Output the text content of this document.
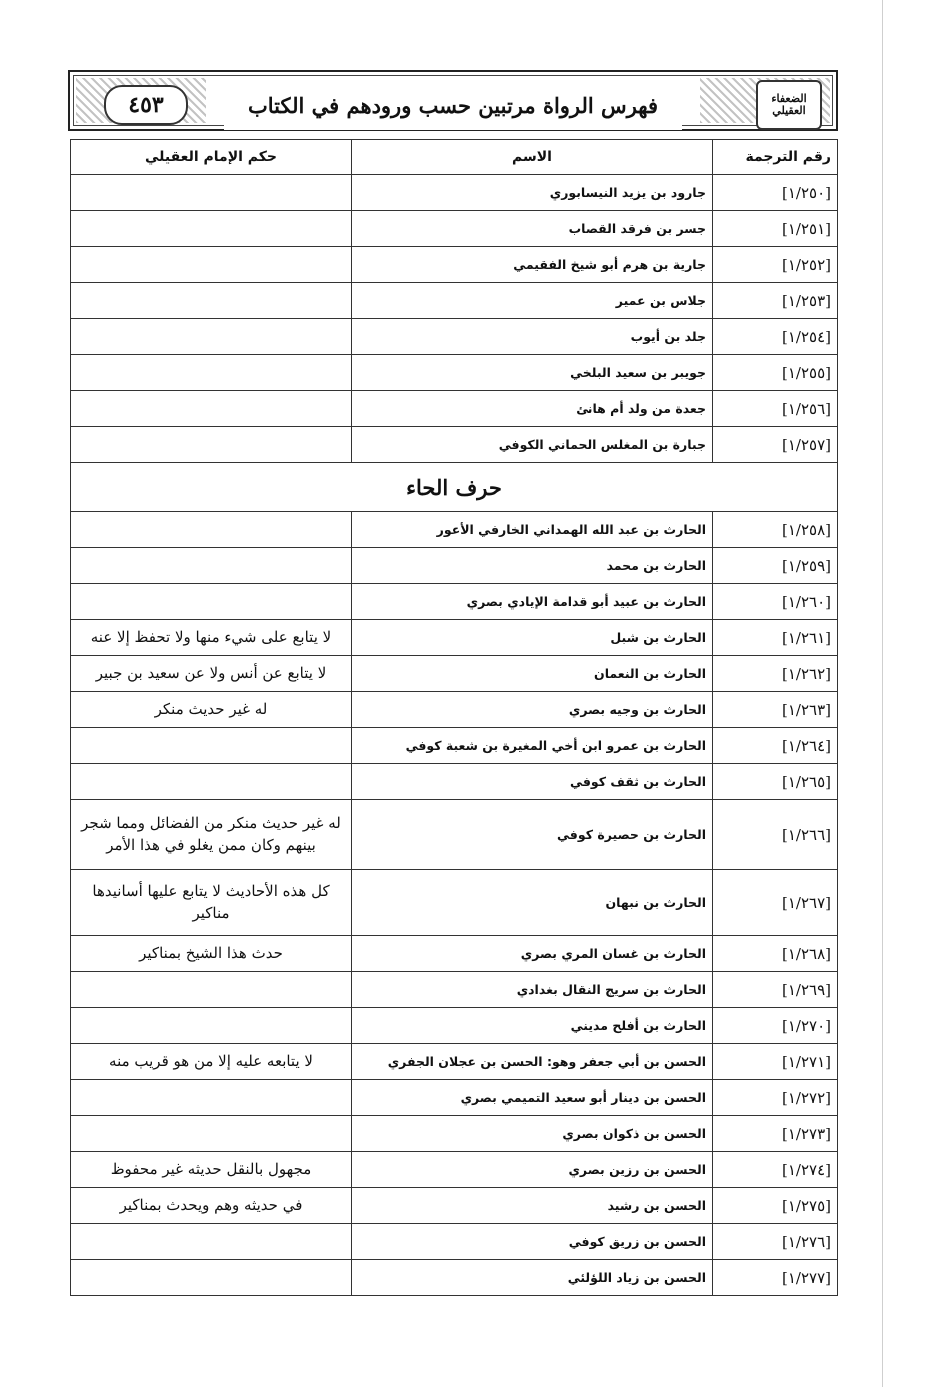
٤٥٣	فهرس الرواة مرتبين حسب ورودهم في الكتاب	الضعفاء العقيلي
رقم الترجمة	الاسم	حكم الإمام العقيلي
[١/٢٥٠]	جارود بن يزيد النيسابوري	
[١/٢٥١]	جسر بن فرقد القصاب	
[١/٢٥٢]	جارية بن هرم أبو شيخ الفقيمي	
[١/٢٥٣]	جلاس بن عمير	
[١/٢٥٤]	جلد بن أيوب	
[١/٢٥٥]	جويبر بن سعيد البلخي	
[١/٢٥٦]	جعدة من ولد أم هانئ	
[١/٢٥٧]	جبارة بن المغلس الحماني الكوفي	
حرف الحاء		
[١/٢٥٨]	الحارث بن عبد الله الهمداني الخارفي الأعور	
[١/٢٥٩]	الحارث بن محمد	
[١/٢٦٠]	الحارث بن عبيد أبو قدامة الإيادي بصري	
[١/٢٦١]	الحارث بن شبل	لا يتابع على شيء منها ولا تحفظ إلا عنه
[١/٢٦٢]	الحارث بن النعمان	لا يتابع عن أنس ولا عن سعيد بن جبير
[١/٢٦٣]	الحارث بن وجيه بصري	له غير حديث منكر
[١/٢٦٤]	الحارث بن عمرو ابن أخي المغيرة بن شعبة كوفي	
[١/٢٦٥]	الحارث بن ثقف كوفي	
[١/٢٦٦]	الحارث بن حصيرة كوفي	له غير حديث منكر من الفضائل ومما شجر بينهم وكان ممن يغلو في هذا الأمر
[١/٢٦٧]	الحارث بن نبهان	كل هذه الأحاديث لا يتابع عليها أسانيدها مناكير
[١/٢٦٨]	الحارث بن غسان المري بصري	حدث هذا الشيخ بمناكير
[١/٢٦٩]	الحارث بن سريج النقال بغدادي	
[١/٢٧٠]	الحارث بن أفلح مديني	
[١/٢٧١]	الحسن بن أبي جعفر وهو: الحسن بن عجلان الجفري	لا يتابعه عليه إلا من هو قريب منه
[١/٢٧٢]	الحسن بن دينار أبو سعيد التميمي بصري	
[١/٢٧٣]	الحسن بن ذكوان بصري	
[١/٢٧٤]	الحسن بن رزين بصري	مجهول بالنقل حديثه غير محفوظ
[١/٢٧٥]	الحسن بن رشيد	في حديثه وهم ويحدث بمناكير
[١/٢٧٦]	الحسن بن زريق كوفي	
[١/٢٧٧]	الحسن بن زياد اللؤلئي	
